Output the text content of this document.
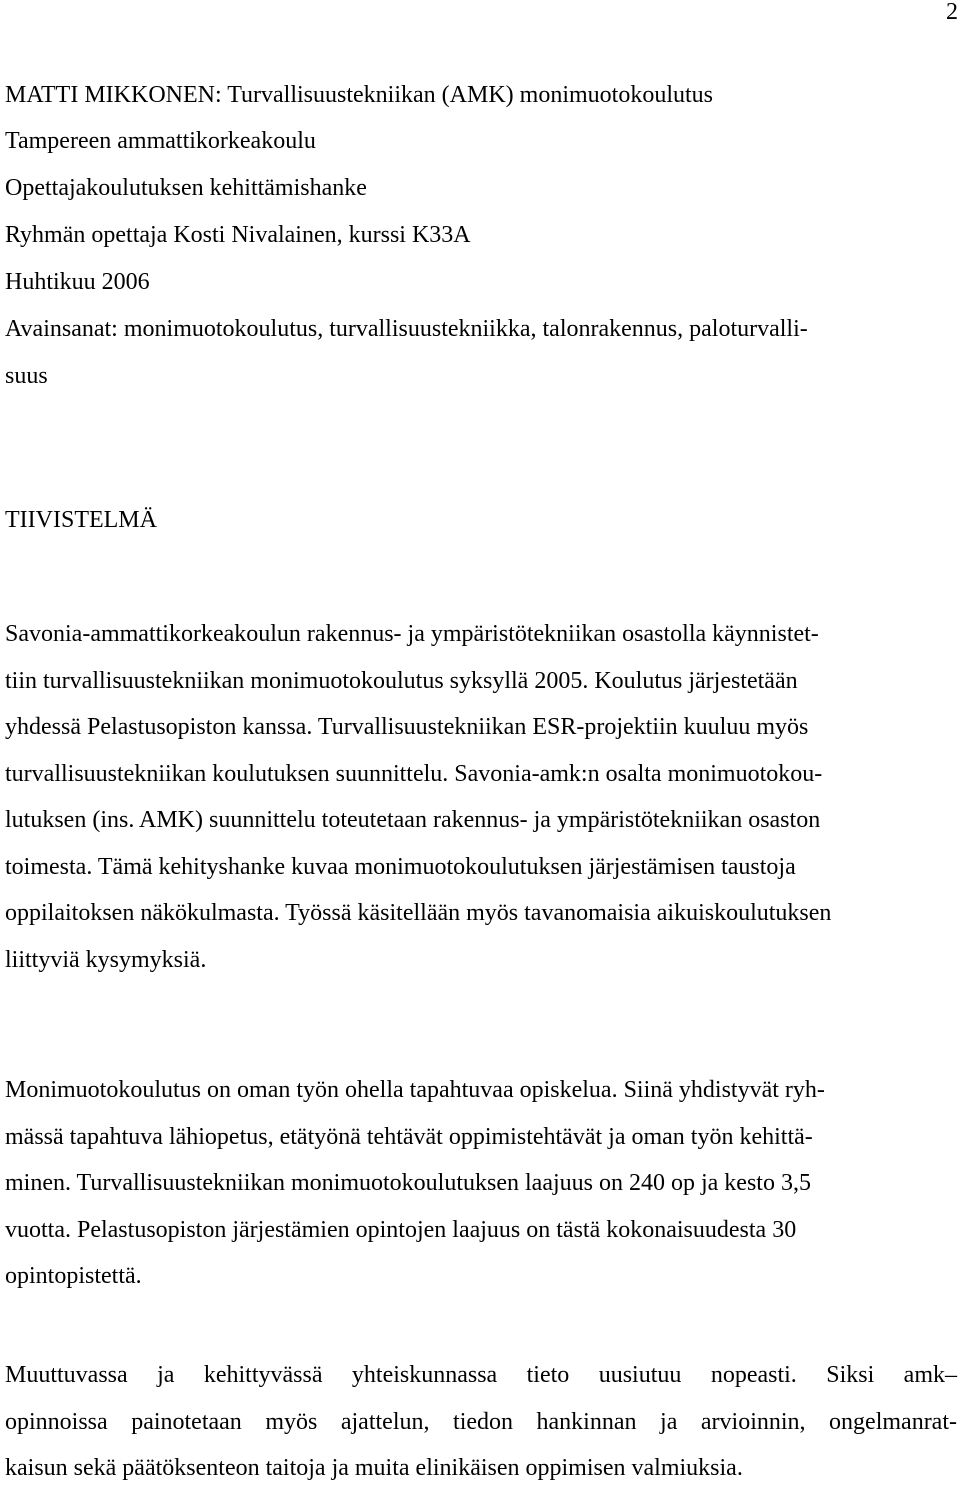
2
MATTI MIKKONEN: Turvallisuustekniikan (AMK) monimuotokoulutus
Tampereen ammattikorkeakoulu
Opettajakoulutuksen kehittämishanke
Ryhmän opettaja Kosti Nivalainen, kurssi K33A
Huhtikuu 2006
Avainsanat: monimuotokoulutus, turvallisuustekniikka, talonrakennus, paloturvalli-
suus
TIIVISTELMÄ
Savonia-ammattikorkeakoulun rakennus- ja ympäristötekniikan osastolla käynnistet-
tiin turvallisuustekniikan monimuotokoulutus syksyllä 2005. Koulutus järjestetään
yhdessä Pelastusopiston kanssa. Turvallisuustekniikan ESR-projektiin kuuluu myös
turvallisuustekniikan koulutuksen suunnittelu. Savonia-amk:n osalta monimuotokou-
lutuksen (ins. AMK) suunnittelu toteutetaan rakennus- ja ympäristötekniikan osaston
toimesta. Tämä kehityshanke kuvaa monimuotokoulutuksen järjestämisen taustoja
oppilaitoksen näkökulmasta. Työssä käsitellään myös tavanomaisia aikuiskoulutuksen
liittyviä kysymyksiä.
Monimuotokoulutus on oman työn ohella tapahtuvaa opiskelua. Siinä yhdistyvät ryh-
mässä tapahtuva lähiopetus, etätyönä tehtävät oppimistehtävät ja oman työn kehittä-
minen. Turvallisuustekniikan monimuotokoulutuksen laajuus on 240 op ja kesto 3,5
vuotta. Pelastusopiston järjestämien opintojen laajuus on tästä kokonaisuudesta 30
opintopistettä.
Muuttuvassa ja kehittyvässä yhteiskunnassa tieto uusiutuu nopeasti. Siksi amk–
opinnoissa painotetaan myös ajattelun, tiedon hankinnan ja arvioinnin, ongelmanrat-
kaisun sekä päätöksenteon taitoja ja muita elinikäisen oppimisen valmiuksia.
